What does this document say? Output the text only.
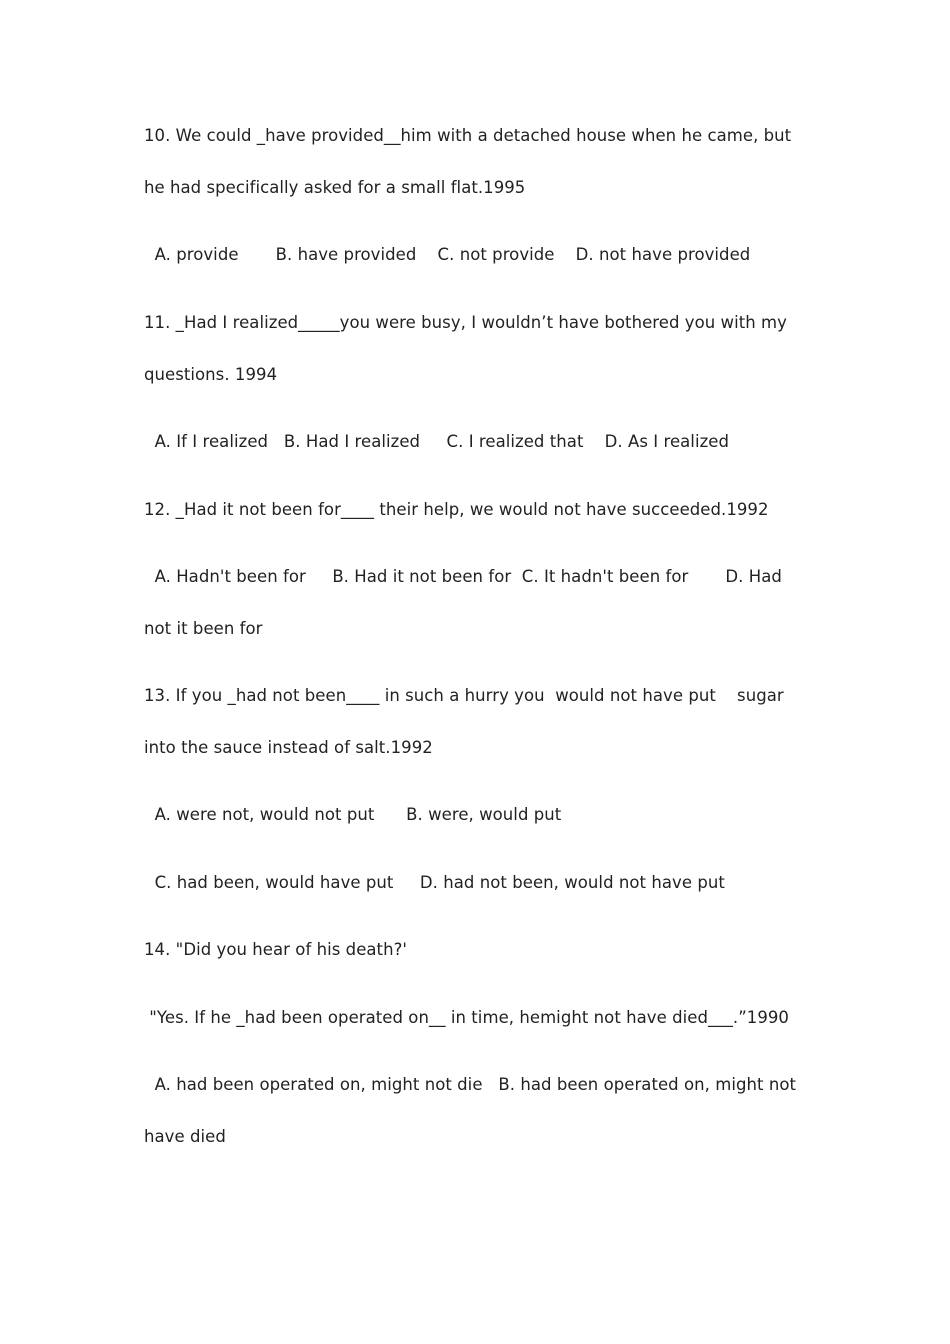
10. We could _have provided__him with a detached house when he came, but
he had specifically asked for a small flat.1995
A. provide       B. have provided    C. not provide    D. not have provided
11. _Had I realized_____you were busy, I wouldn’t have bothered you with my
questions. 1994
A. If I realized   B. Had I realized     C. I realized that    D. As I realized
12. _Had it not been for____ their help, we would not have succeeded.1992
A. Hadn't been for     B. Had it not been for  C. It hadn't been for       D. Had
not it been for
13. If you _had not been____ in such a hurry you  would not have put    sugar
into the sauce instead of salt.1992
A. were not, would not put      B. were, would put
C. had been, would have put     D. had not been, would not have put
14. "Did you hear of his death?'
"Yes. If he _had been operated on__ in time, hemight not have died___.”1990
A. had been operated on, might not die   B. had been operated on, might not
have died
